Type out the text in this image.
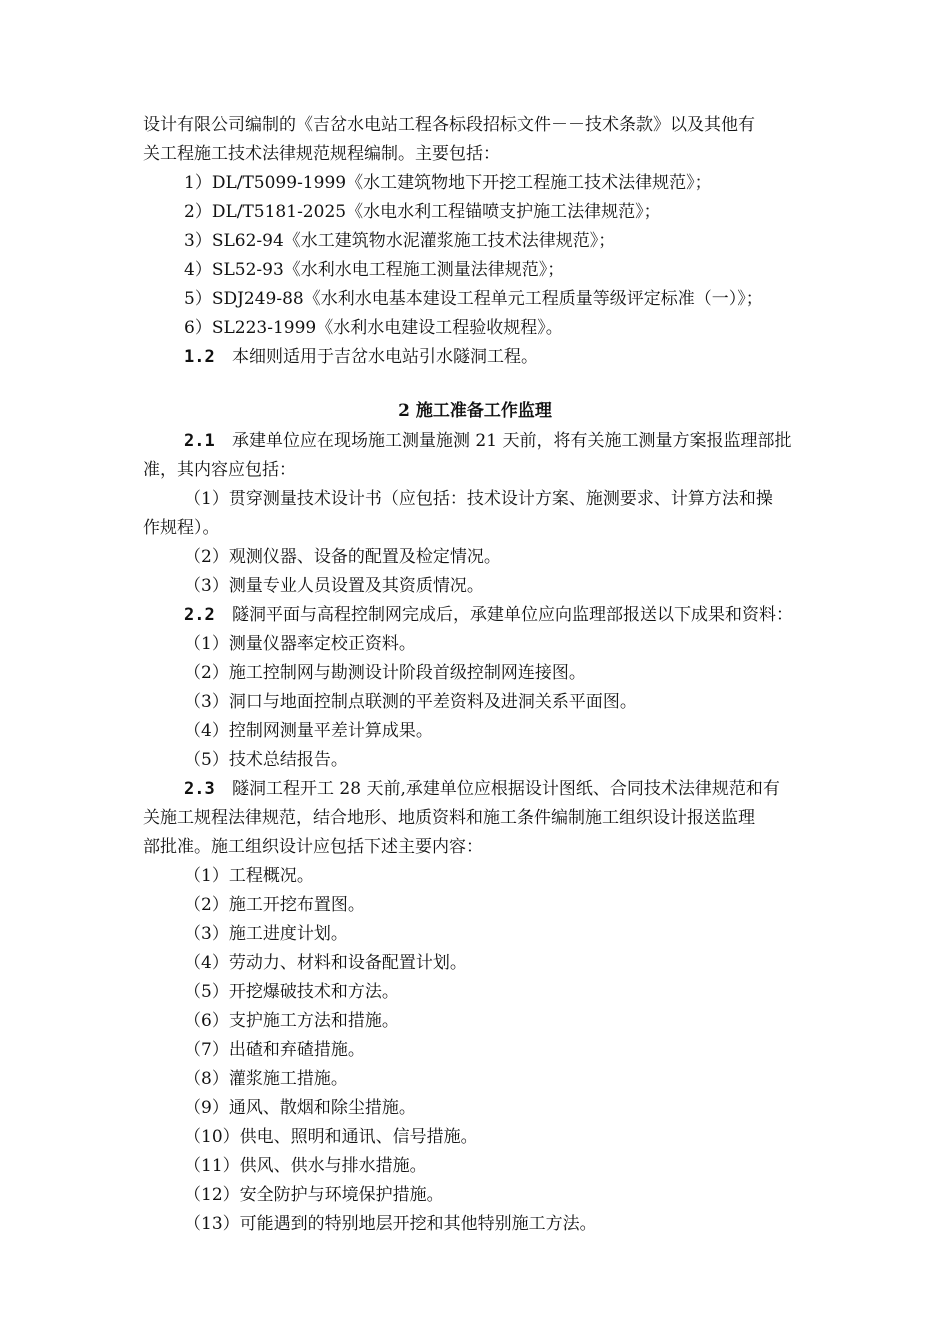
设计有限公司编制的《吉岔水电站工程各标段招标文件－－技术条款》以及其他有
关工程施工技术法律规范规程编制。主要包括：
1）DL/T5099-1999《水工建筑物地下开挖工程施工技术法律规范》；
2）DL/T5181-2025《水电水利工程锚喷支护施工法律规范》；
3）SL62-94《水工建筑物水泥灌浆施工技术法律规范》；
4）SL52-93《水利水电工程施工测量法律规范》；
5）SDJ249-88《水利水电基本建设工程单元工程质量等级评定标准（一）》；
6）SL223-1999《水利水电建设工程验收规程》。
1.2 本细则适用于吉岔水电站引水隧洞工程。
2 施工准备工作监理
2.1 承建单位应在现场施工测量施测 21 天前，将有关施工测量方案报监理部批
准，其内容应包括：
（1）贯穿测量技术设计书（应包括：技术设计方案、施测要求、计算方法和操
作规程）。
（2）观测仪器、设备的配置及检定情况。
（3）测量专业人员设置及其资质情况。
2.2 隧洞平面与高程控制网完成后，承建单位应向监理部报送以下成果和资料：
（1）测量仪器率定校正资料。
（2）施工控制网与勘测设计阶段首级控制网连接图。
（3）洞口与地面控制点联测的平差资料及进洞关系平面图。
（4）控制网测量平差计算成果。
（5）技术总结报告。
2.3 隧洞工程开工 28 天前,承建单位应根据设计图纸、合同技术法律规范和有
关施工规程法律规范，结合地形、地质资料和施工条件编制施工组织设计报送监理
部批准。施工组织设计应包括下述主要内容：
（1）工程概况。
（2）施工开挖布置图。
（3）施工进度计划。
（4）劳动力、材料和设备配置计划。
（5）开挖爆破技术和方法。
（6）支护施工方法和措施。
（7）出碴和弃碴措施。
（8）灌浆施工措施。
（9）通风、散烟和除尘措施。
（10）供电、照明和通讯、信号措施。
（11）供风、供水与排水措施。
（12）安全防护与环境保护措施。
（13）可能遇到的特别地层开挖和其他特别施工方法。
